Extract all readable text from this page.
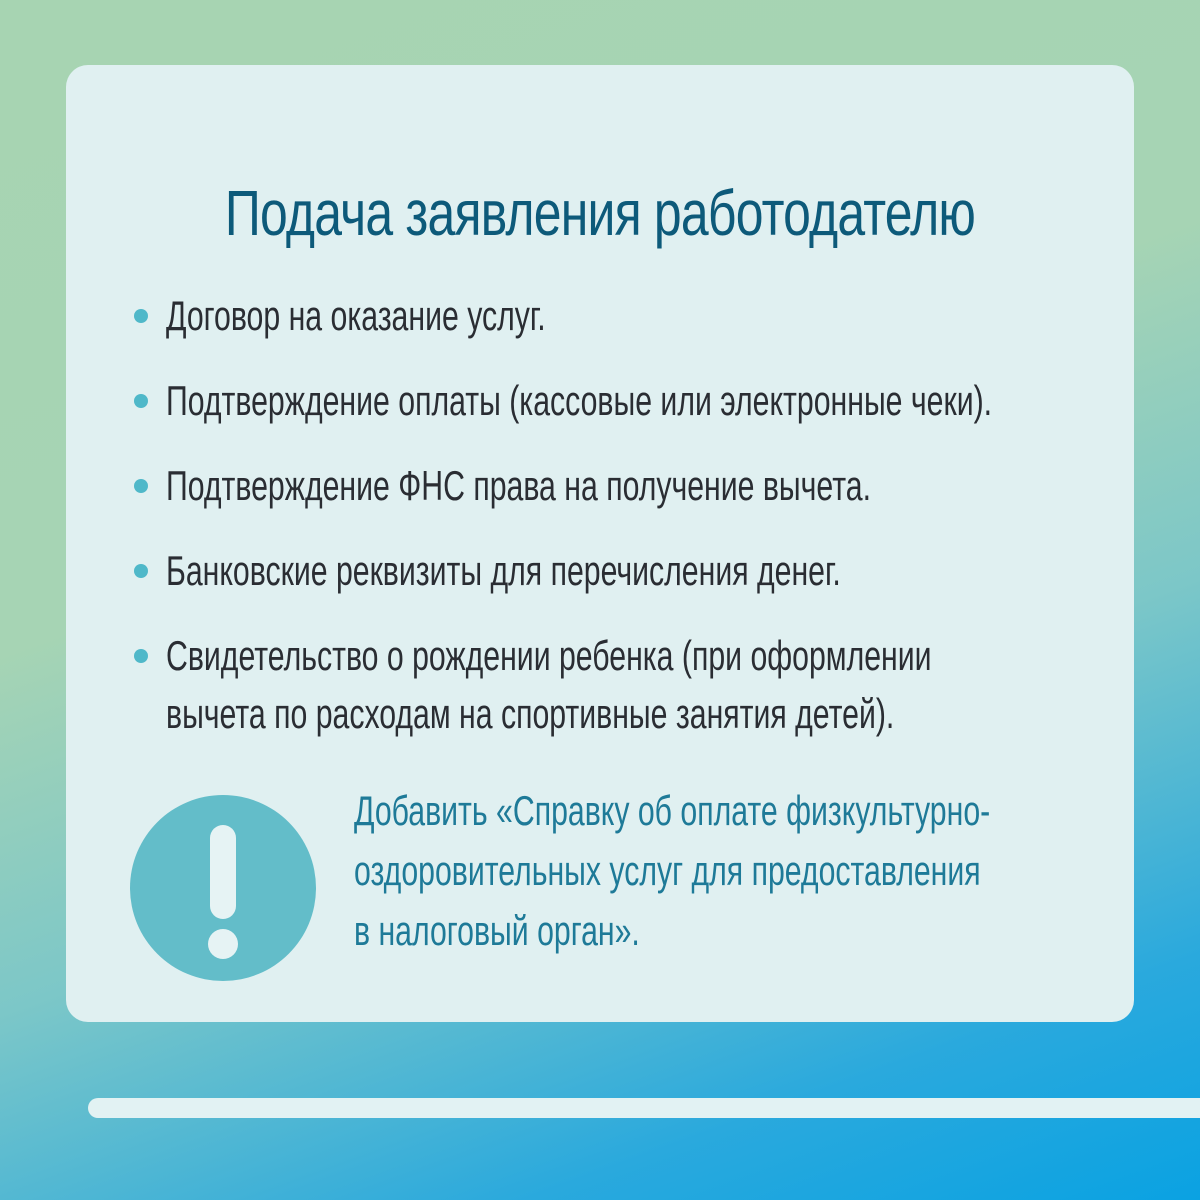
Подача заявления работодателю
Договор на оказание услуг.
Подтверждение оплаты (кассовые или электронные чеки).
Подтверждение ФНС права на получение вычета.
Банковские реквизиты для перечисления денег.
Свидетельство о рождении ребенка (при оформлении
вычета по расходам на спортивные занятия детей).
Добавить «Справку об оплате физкультурно-
оздоровительных услуг для предоставления
в налоговый орган».
